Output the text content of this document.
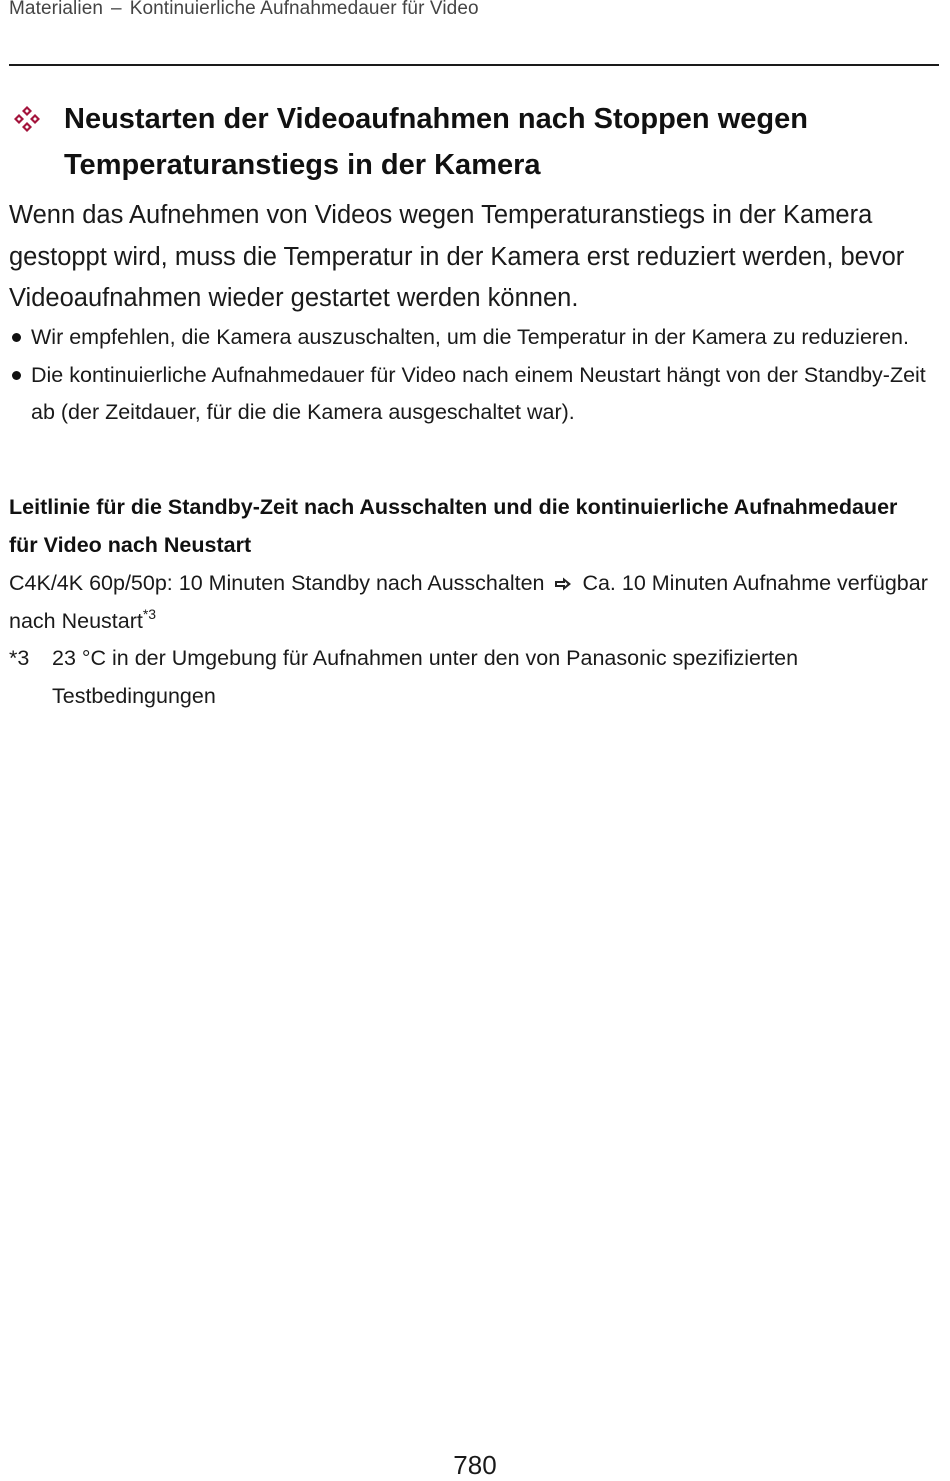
Materialien – Kontinuierliche Aufnahmedauer für Video
Neustarten der Videoaufnahmen nach Stoppen wegen Temperaturanstiegs in der Kamera

Wenn das Aufnehmen von Videos wegen Temperaturanstiegs in der Kamera gestoppt wird, muss die Temperatur in der Kamera erst reduziert werden, bevor Videoaufnahmen wieder gestartet werden können.

Wir empfehlen, die Kamera auszuschalten, um die Temperatur in der Kamera zu reduzieren.
Die kontinuierliche Aufnahmedauer für Video nach einem Neustart hängt von der Standby-Zeit ab (der Zeitdauer, für die die Kamera ausgeschaltet war).

Leitlinie für die Standby-Zeit nach Ausschalten und die kontinuierliche Aufnahmedauer für Video nach Neustart

C4K/4K 60p/50p: 10 Minuten Standby nach Ausschalten Ca. 10 Minuten Aufnahme verfügbar nach Neustart$^{*3}$

*3 23 °C in der Umgebung für Aufnahmen unter den von Panasonic spezifizierten Testbedingungen
780
